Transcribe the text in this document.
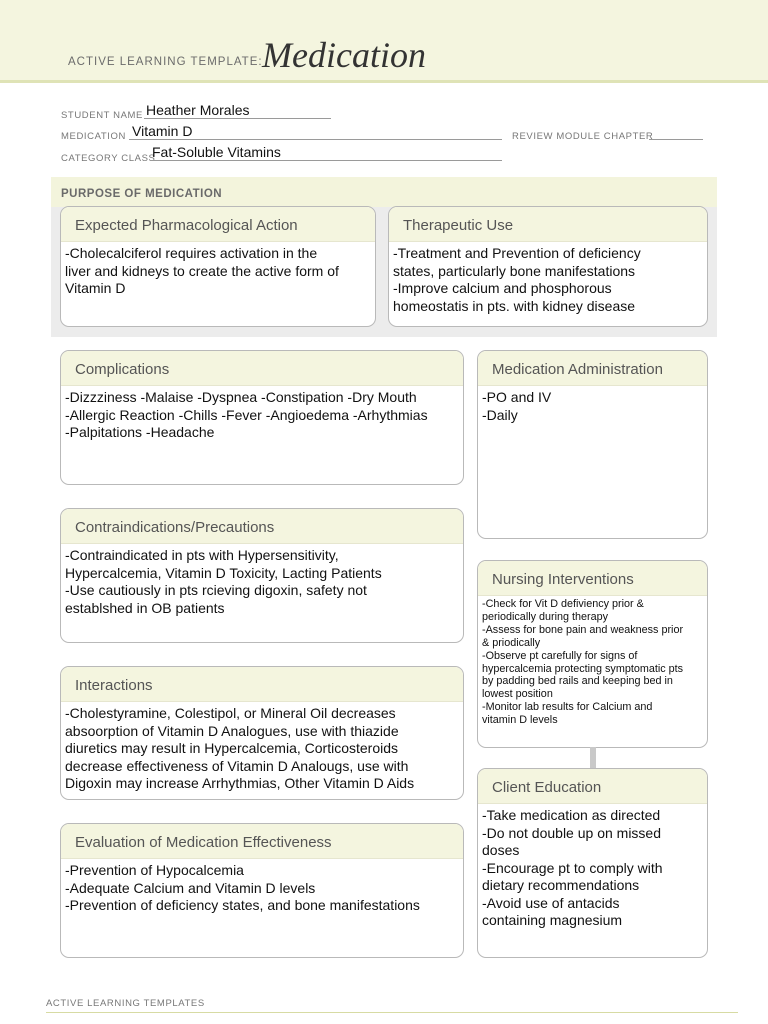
ACTIVE LEARNING TEMPLATE: Medication
STUDENT NAME Heather Morales
MEDICATION Vitamin D	REVIEW MODULE CHAPTER
CATEGORY CLASS
Fat-Soluble Vitamins
PURPOSE OF MEDICATION
Expected Pharmacological Action
-Cholecalciferol requires activation in the
liver and kidneys to create the active form of
Vitamin D
Therapeutic Use
-Treatment and Prevention of deficiency
states, particularly bone manifestations
-Improve calcium and phosphorous
homeostatis in pts. with kidney disease
Complications
-Dizzziness -Malaise -Dyspnea -Constipation -Dry Mouth
-Allergic Reaction -Chills -Fever -Angioedema -Arhythmias
-Palpitations -Headache
Medication Administration
-PO and IV
-Daily
Contraindications/Precautions
-Contraindicated in pts with Hypersensitivity,
Hypercalcemia, Vitamin D Toxicity, Lacting Patients
-Use cautiously in pts rcieving digoxin, safety not
establshed in OB patients
Nursing Interventions
-Check for Vit D defiviency prior &
periodically during therapy
-Assess for bone pain and weakness prior
& priodically
-Observe pt carefully for signs of
hypercalcemia protecting symptomatic pts
by padding bed rails and keeping bed in
lowest position
-Monitor lab results for Calcium and
vitamin D levels
Interactions
-Cholestyramine, Colestipol, or Mineral Oil decreases
absoorption of Vitamin D Analogues, use with thiazide
diuretics may result in Hypercalcemia, Corticosteroids
decrease effectiveness of Vitamin D Analougs, use with
Digoxin may increase Arrhythmias, Other Vitamin D Aids	Client Education
-Take medication as directed
-Do not double up on missed
doses
-Encourage pt to comply with
dietary recommendations
-Avoid use of antacids
containing magnesium
Evaluation of Medication Effectiveness
-Prevention of Hypocalcemia
-Adequate Calcium and Vitamin D levels
-Prevention of deficiency states, and bone manifestations
ACTIVE LEARNING TEMPLATES
